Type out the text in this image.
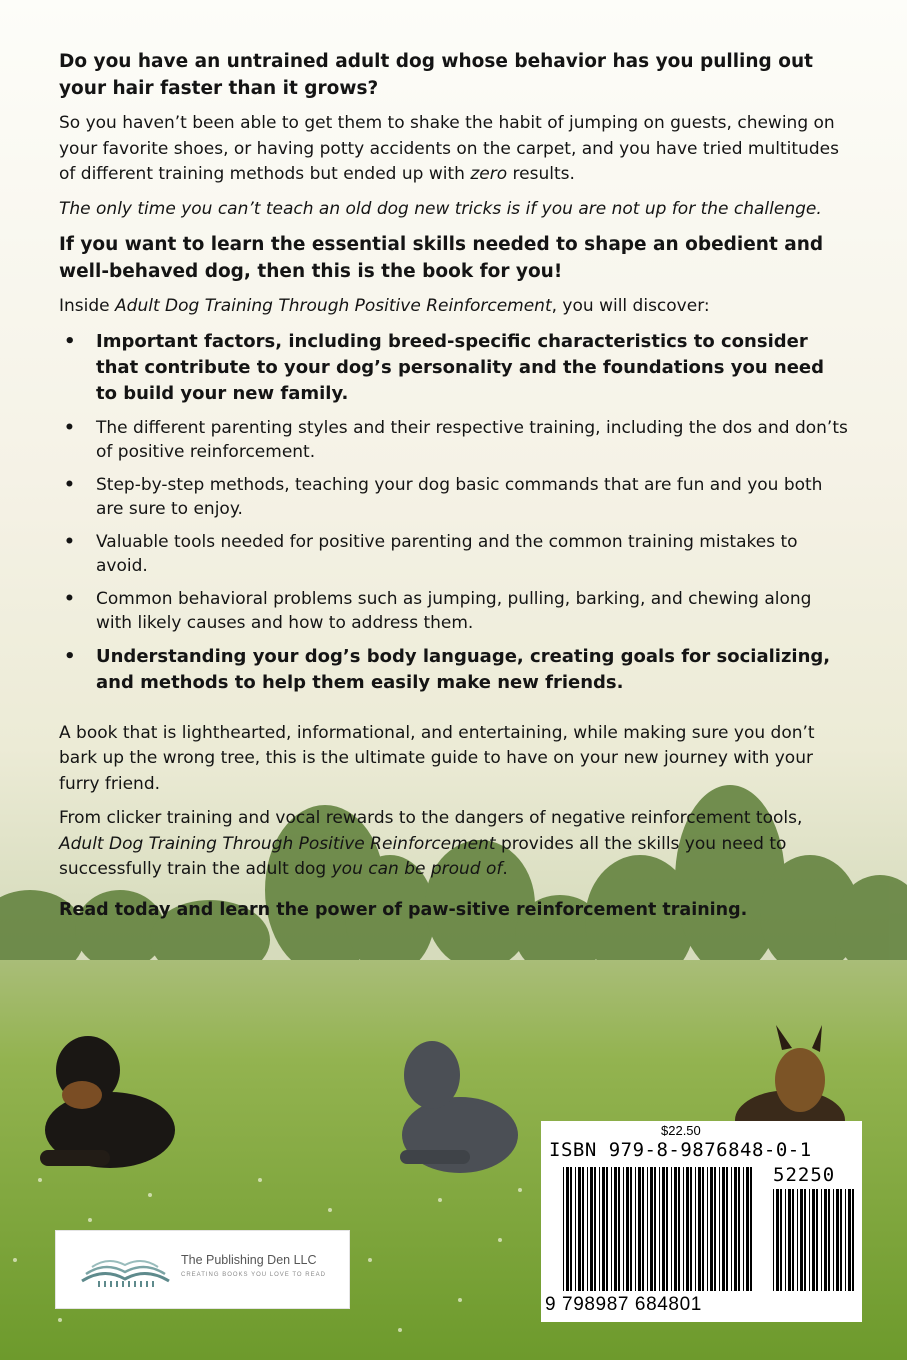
Do you have an untrained adult dog whose behavior has you pulling out your hair faster than it grows?

So you haven’t been able to get them to shake the habit of jumping on guests, chewing on your favorite shoes, or having potty accidents on the carpet, and you have tried multitudes of different training methods but ended up with zero results.

The only time you can’t teach an old dog new tricks is if you are not up for the challenge.

If you want to learn the essential skills needed to shape an obedient and well-behaved dog, then this is the book for you!

Inside Adult Dog Training Through Positive Reinforcement, you will discover:

• Important factors, including breed-specific characteristics to consider that contribute to your dog’s personality and the foundations you need to build your new family.
• The different parenting styles and their respective training, including the dos and don’ts of positive reinforcement.
• Step-by-step methods, teaching your dog basic commands that are fun and you both are sure to enjoy.
• Valuable tools needed for positive parenting and the common training mistakes to avoid.
• Common behavioral problems such as jumping, pulling, barking, and chewing along with likely causes and how to address them.
• Understanding your dog’s body language, creating goals for socializing, and methods to help them easily make new friends.

A book that is lighthearted, informational, and entertaining, while making sure you don’t bark up the wrong tree, this is the ultimate guide to have on your new journey with your furry friend.

From clicker training and vocal rewards to the dangers of negative reinforcement tools, Adult Dog Training Through Positive Reinforcement provides all the skills you need to successfully train the adult dog you can be proud of.

Read today and learn the power of paw-sitive reinforcement training.

The Publishing Den LLC
CREATING BOOKS YOU LOVE TO READ
$22.50
ISBN 979-8-9876848-0-1
52250
9 798987 684801
